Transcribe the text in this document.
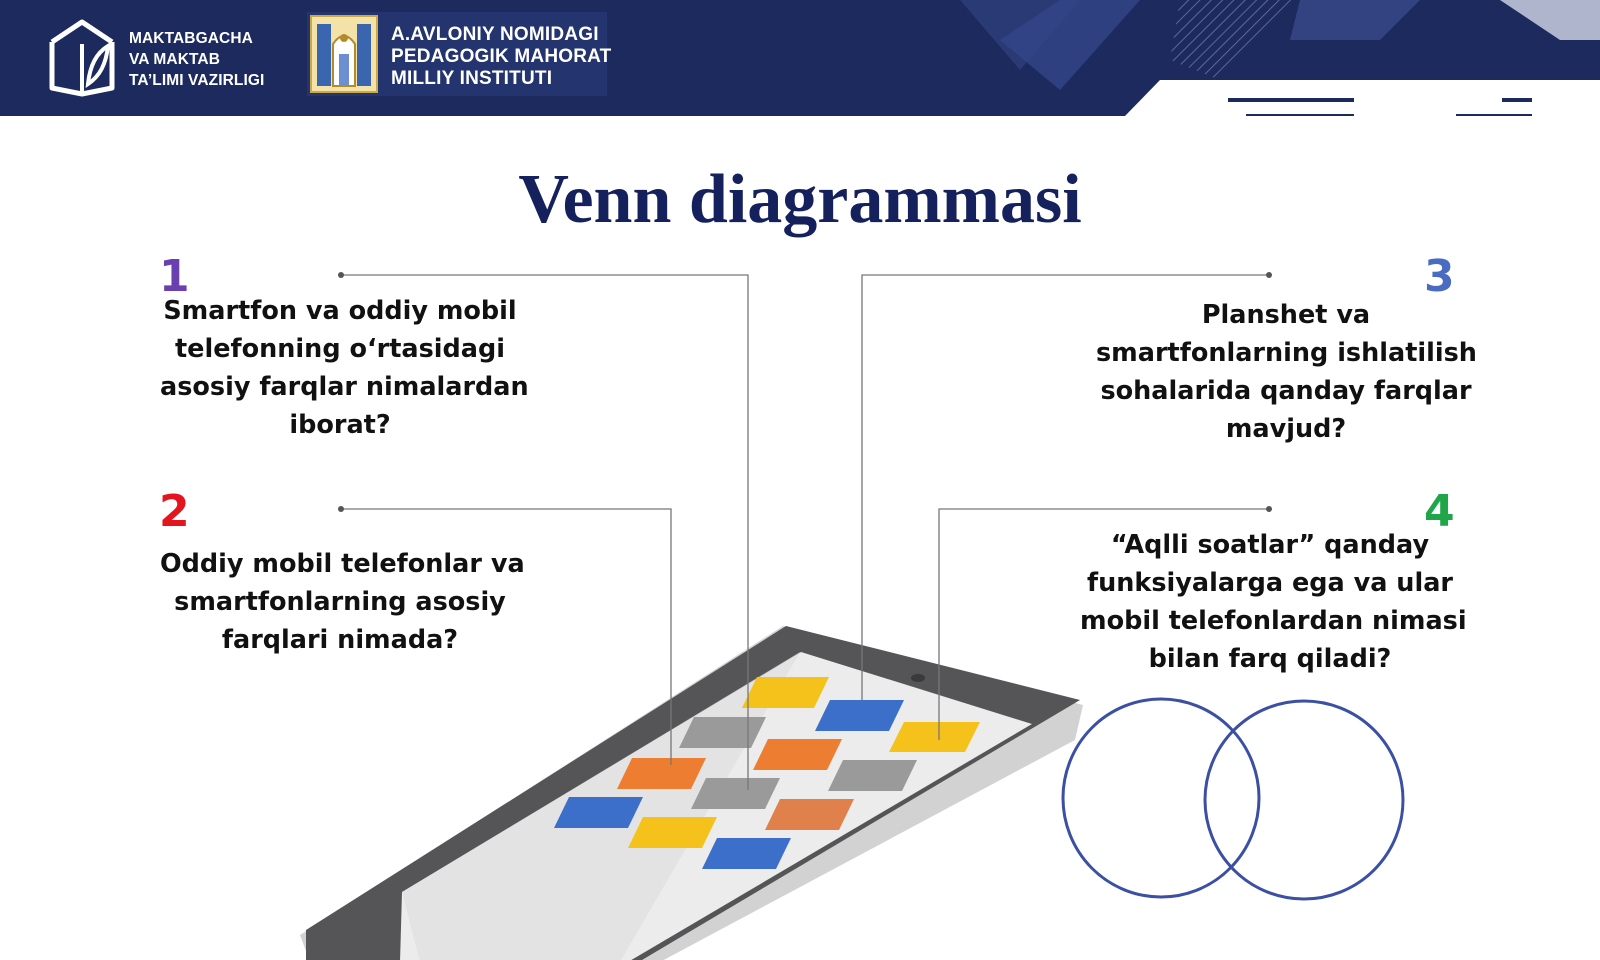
MAKTABGACHA
VA MAKTAB
TA’LIMI VAZIRLIGI
A.AVLONIY NOMIDAGI
PEDAGOGIK MAHORAT
MILLIY INSTITUTI
Venn diagrammasi
1
2
3
4
Smartfon va oddiy mobil
telefonning o‘rtasidagi
asosiy farqlar nimalardan
iborat?
Oddiy mobil telefonlar va
smartfonlarning asosiy
farqlari nimada?
Planshet va
smartfonlarning ishlatilish
sohalarida qanday farqlar
mavjud?
“Aqlli soatlar” qanday
funksiyalarga ega va ular
mobil telefonlardan nimasi
bilan farq qiladi?
